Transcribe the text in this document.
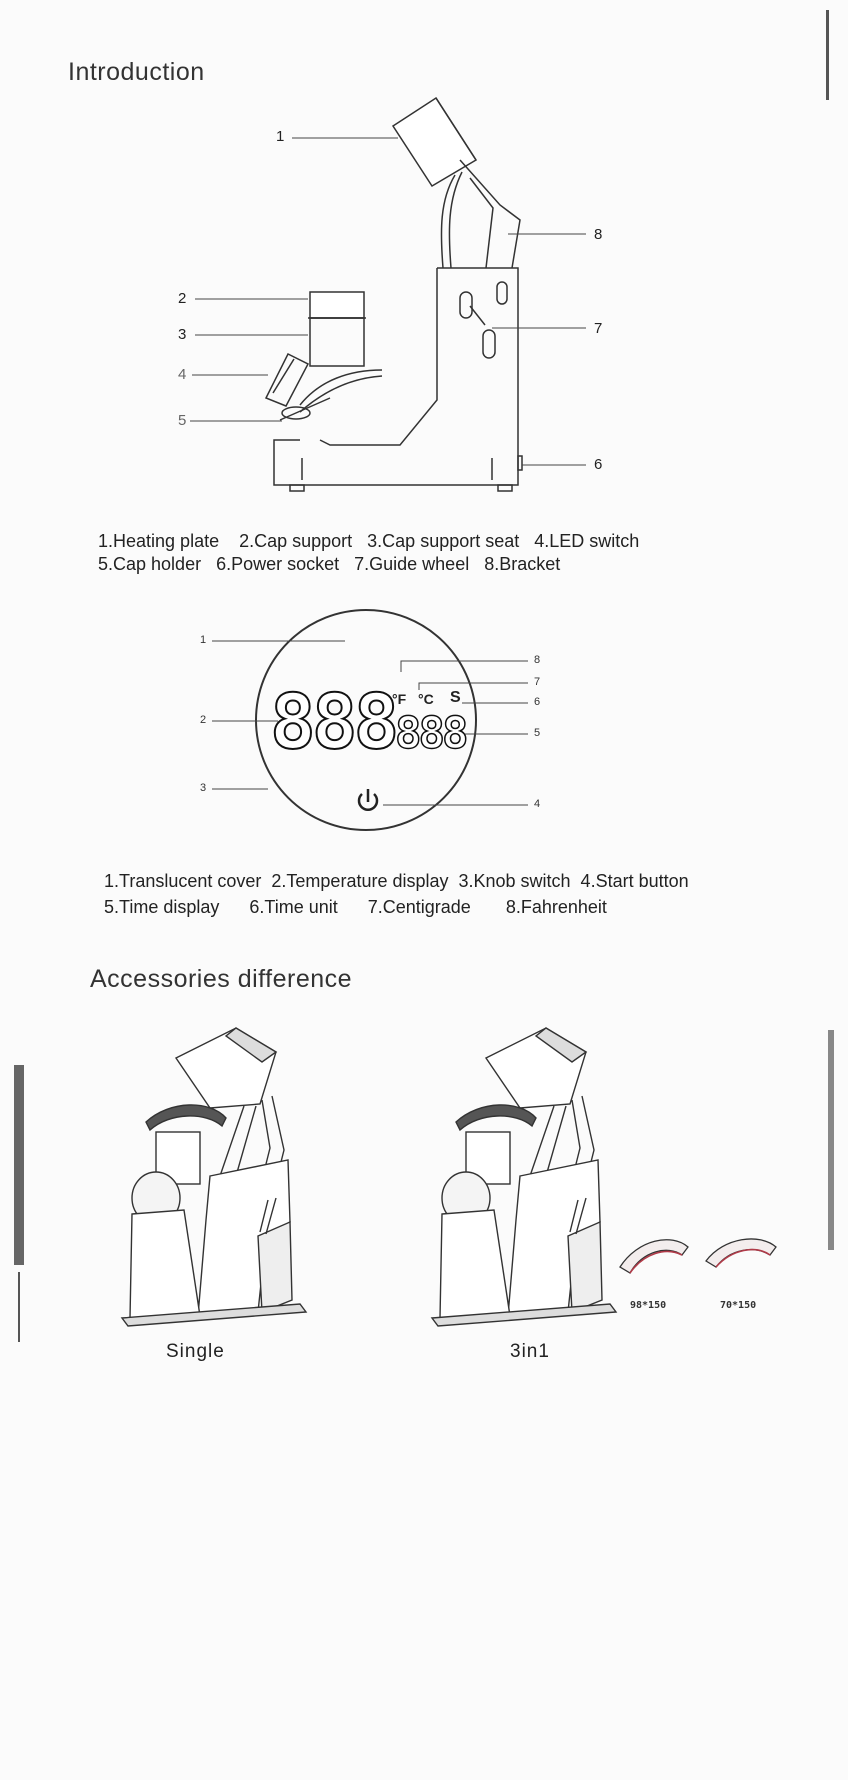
Introduction
1
2
3
4
5
6
7
8
1.Heating plate    2.Cap support   3.Cap support seat   4.LED switch
5.Cap holder   6.Power socket   7.Guide wheel   8.Bracket
888 888
°F °C S
1
2
3
4
5
6
7
8
1.Translucent cover  2.Temperature display  3.Knob switch  4.Start button
5.Time display      6.Time unit      7.Centigrade       8.Fahrenheit
Accessories difference
98*150	70*150
Single	3in1
